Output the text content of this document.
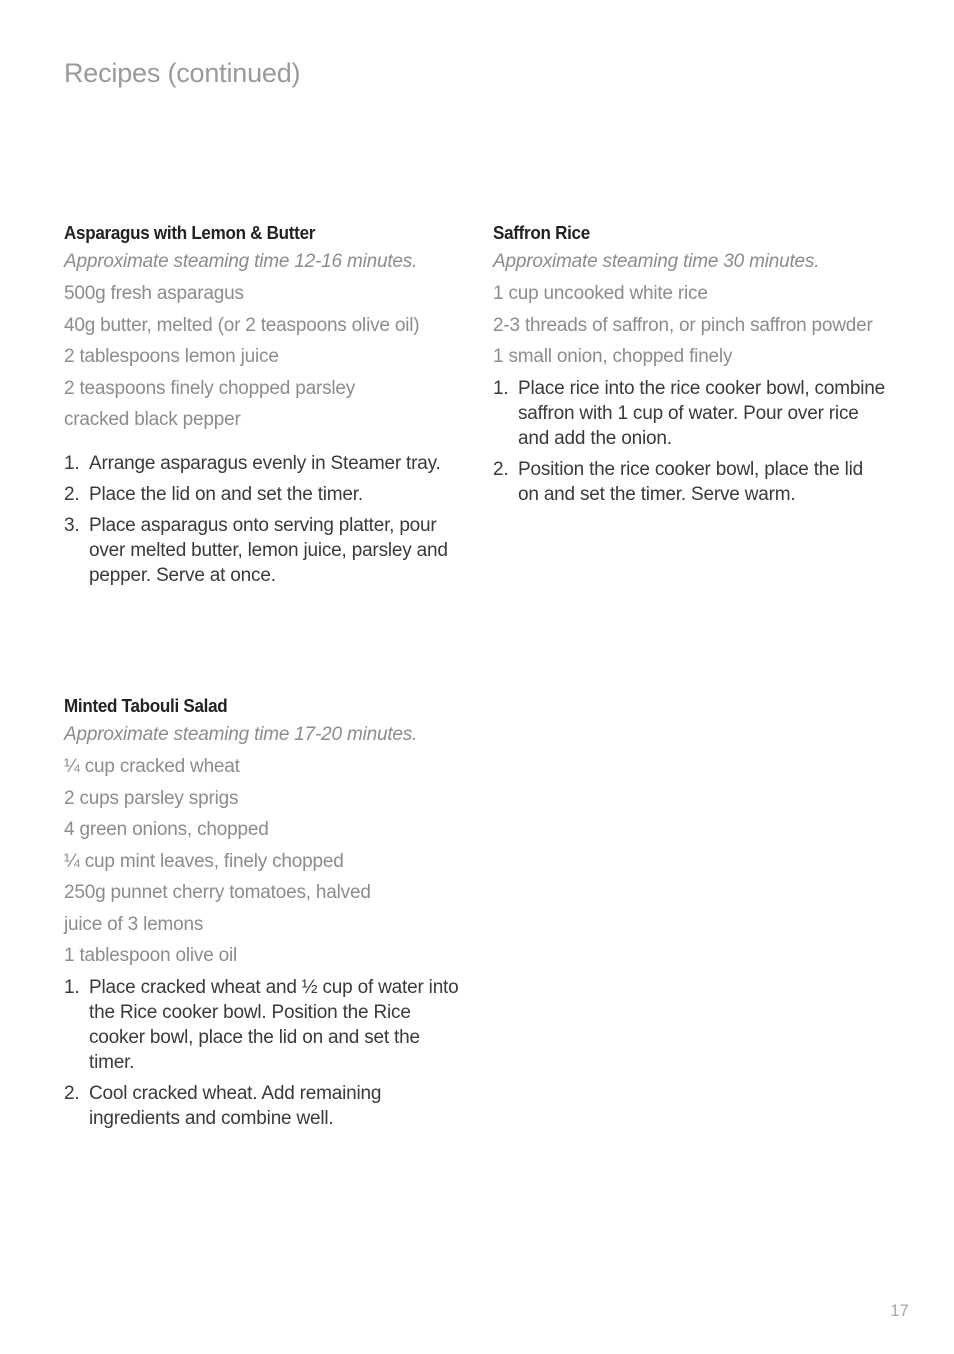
Recipes (continued)
Asparagus with Lemon & Butter

Approximate steaming time 12-16 minutes.

500g fresh asparagus
40g butter, melted (or 2 teaspoons olive oil)
2 tablespoons lemon juice
2 teaspoons finely chopped parsley
cracked black pepper
1. Arrange asparagus evenly in Steamer tray.
2. Place the lid on and set the timer.
3. Place asparagus onto serving platter, pour over melted butter, lemon juice, parsley and pepper. Serve at once.
Saffron Rice

Approximate steaming time 30 minutes.

1 cup uncooked white rice
2-3 threads of saffron, or pinch saffron powder
1 small onion, chopped finely
1. Place rice into the rice cooker bowl, combine saffron with 1 cup of water. Pour over rice and add the onion.
2. Position the rice cooker bowl, place the lid on and set the timer. Serve warm.
Minted Tabouli Salad

Approximate steaming time 17-20 minutes.

¼ cup cracked wheat
2 cups parsley sprigs
4 green onions, chopped
¼ cup mint leaves, finely chopped
250g punnet cherry tomatoes, halved
juice of 3 lemons
1 tablespoon olive oil
1. Place cracked wheat and ½ cup of water into the Rice cooker bowl. Position the Rice cooker bowl, place the lid on and set the timer.
2. Cool cracked wheat. Add remaining ingredients and combine well.
17
